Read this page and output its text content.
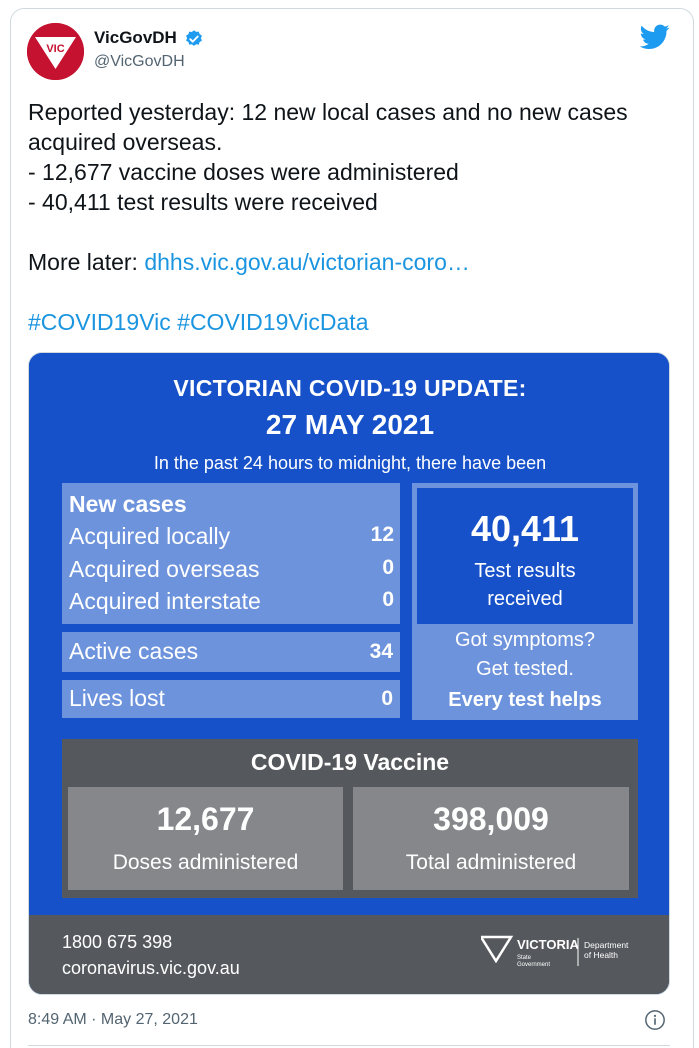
VIC
VicGovDH
@VicGovDH
Reported yesterday: 12 new local cases and no new cases
acquired overseas.
- 12,677 vaccine doses were administered
- 40,411 test results were received
More later: dhhs.vic.gov.au/victorian-coro…
#COVID19Vic #COVID19VicData
VICTORIAN COVID-19 UPDATE:
27 MAY 2021
In the past 24 hours to midnight, there have been
New cases
Acquired locally	12
Acquired overseas	0
Acquired interstate	0
Active cases	34
Lives lost	0
40,411
Test results
received
Got symptoms?
Get tested.
Every test helps
COVID-19 Vaccine
12,677
Doses administered
398,009
Total administered
1800 675 398
coronavirus.vic.gov.au
VICTORIA
State
Government
Department
of Health
8:49 AM · May 27, 2021
